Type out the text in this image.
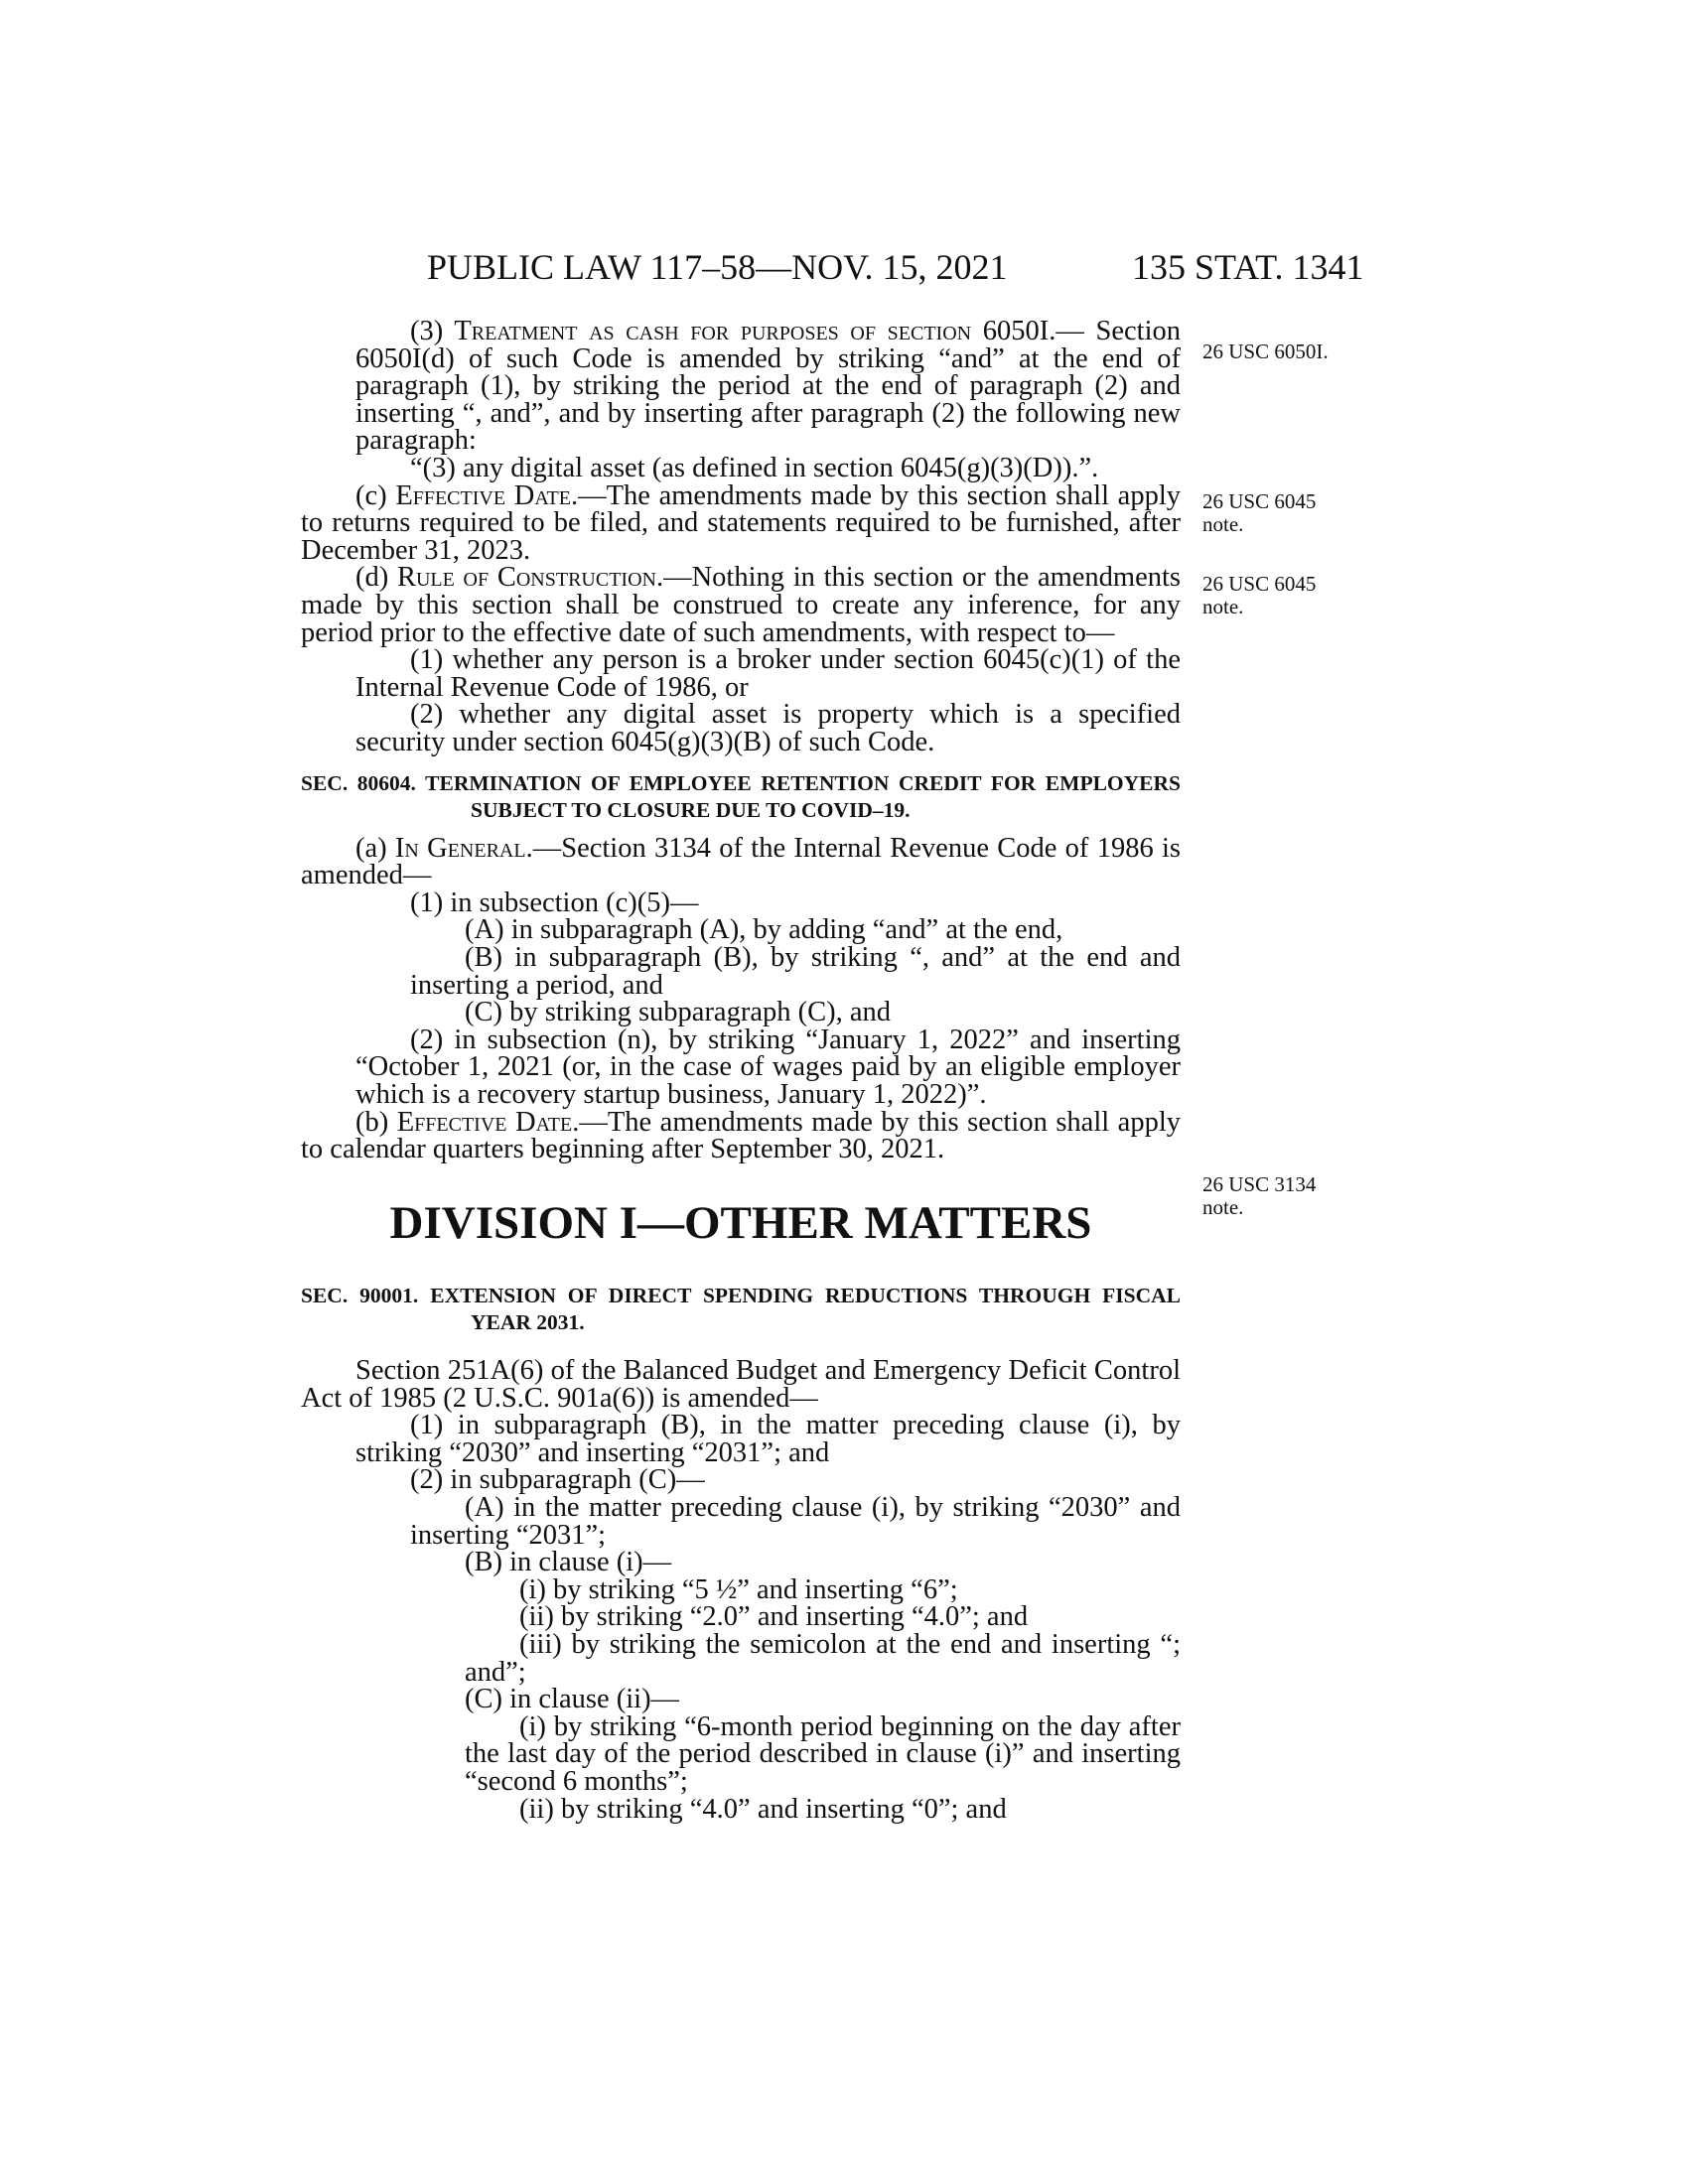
PUBLIC LAW 117–58—NOV. 15, 2021	135 STAT. 1341
26 USC 6050I.
26 USC 6045
note.
26 USC 6045
note.
26 USC 3134
note.

(3) Treatment as cash for purposes of section 6050I.— Section 6050I(d) of such Code is amended by striking “and” at the end of paragraph (1), by striking the period at the end of paragraph (2) and inserting “, and”, and by inserting after paragraph (2) the following new paragraph:

“(3) any digital asset (as defined in section 6045(g)(3)(D)).”.

(c) Effective Date.—The amendments made by this section shall apply to returns required to be filed, and statements required to be furnished, after December 31, 2023.

(d) Rule of Construction.—Nothing in this section or the amendments made by this section shall be construed to create any inference, for any period prior to the effective date of such amendments, with respect to—

(1) whether any person is a broker under section 6045(c)(1) of the Internal Revenue Code of 1986, or

(2) whether any digital asset is property which is a specified security under section 6045(g)(3)(B) of such Code.

SEC. 80604. TERMINATION OF EMPLOYEE RETENTION CREDIT FOR EMPLOYERS SUBJECT TO CLOSURE DUE TO COVID–19.

(a) In General.—Section 3134 of the Internal Revenue Code of 1986 is amended—

(1) in subsection (c)(5)—

(A) in subparagraph (A), by adding “and” at the end,

(B) in subparagraph (B), by striking “, and” at the end and inserting a period, and

(C) by striking subparagraph (C), and

(2) in subsection (n), by striking “January 1, 2022” and inserting “October 1, 2021 (or, in the case of wages paid by an eligible employer which is a recovery startup business, January 1, 2022)”.

(b) Effective Date.—The amendments made by this section shall apply to calendar quarters beginning after September 30, 2021.

DIVISION I—OTHER MATTERS

SEC. 90001. EXTENSION OF DIRECT SPENDING REDUCTIONS THROUGH FISCAL YEAR 2031.

Section 251A(6) of the Balanced Budget and Emergency Deficit Control Act of 1985 (2 U.S.C. 901a(6)) is amended—

(1) in subparagraph (B), in the matter preceding clause (i), by striking “2030” and inserting “2031”; and

(2) in subparagraph (C)—

(A) in the matter preceding clause (i), by striking “2030” and inserting “2031”;

(B) in clause (i)—

(i) by striking “5 ½” and inserting “6”;

(ii) by striking “2.0” and inserting “4.0”; and

(iii) by striking the semicolon at the end and inserting “; and”;

(C) in clause (ii)—

(i) by striking “6-month period beginning on the day after the last day of the period described in clause (i)” and inserting “second 6 months”;

(ii) by striking “4.0” and inserting “0”; and
